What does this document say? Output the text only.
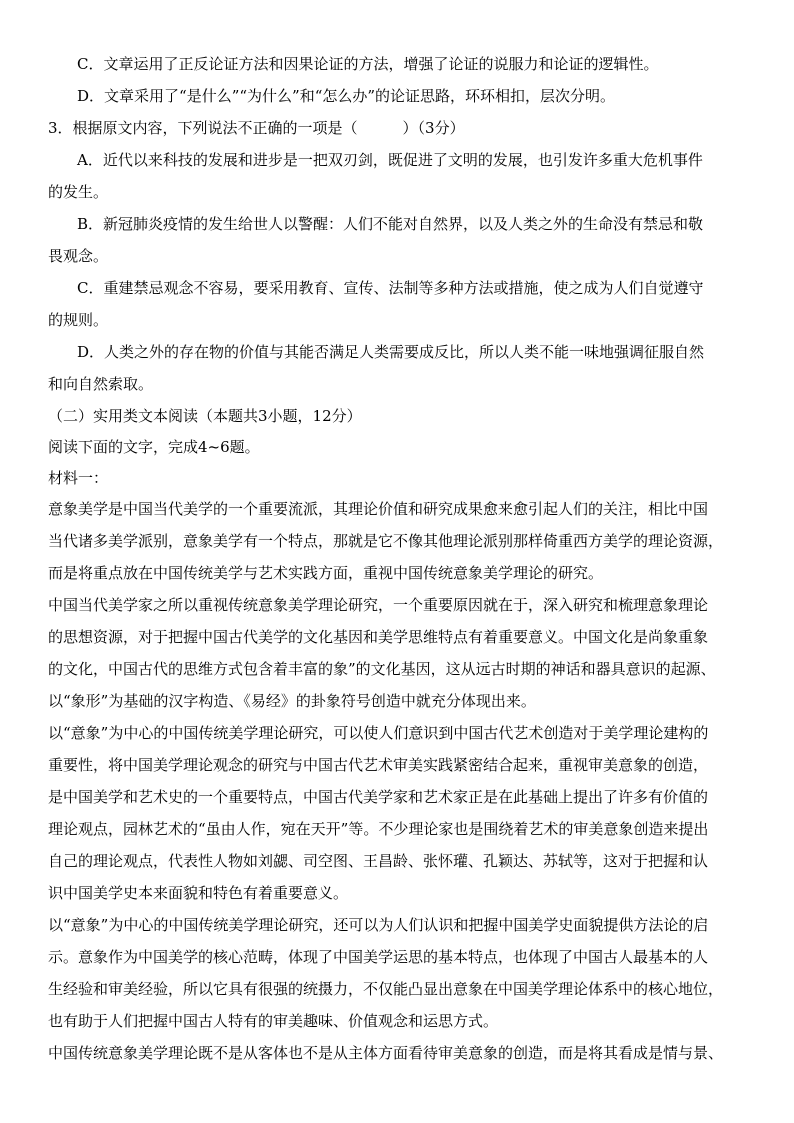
C．文章运用了正反论证方法和因果论证的方法，增强了论证的说服力和论证的逻辑性。
D．文章采用了“是什么”“为什么”和“怎么办”的论证思路，环环相扣，层次分明。
3．根据原文内容，下列说法不正确的一项是（　　　）（3分）
A．近代以来科技的发展和进步是一把双刃剑，既促进了文明的发展，也引发许多重大危机事件
的发生。
B．新冠肺炎疫情的发生给世人以警醒：人们不能对自然界，以及人类之外的生命没有禁忌和敬
畏观念。
C．重建禁忌观念不容易，要采用教育、宣传、法制等多种方法或措施，使之成为人们自觉遵守
的规则。
D．人类之外的存在物的价值与其能否满足人类需要成反比，所以人类不能一味地强调征服自然
和向自然索取。
（二）实用类文本阅读（本题共3小题，12分）
阅读下面的文字，完成4~6题。
材料一：
意象美学是中国当代美学的一个重要流派，其理论价值和研究成果愈来愈引起人们的关注，相比中国
当代诸多美学派别，意象美学有一个特点，那就是它不像其他理论派别那样倚重西方美学的理论资源，
而是将重点放在中国传统美学与艺术实践方面，重视中国传统意象美学理论的研究。
中国当代美学家之所以重视传统意象美学理论研究，一个重要原因就在于，深入研究和梳理意象理论
的思想资源，对于把握中国古代美学的文化基因和美学思维特点有着重要意义。中国文化是尚象重象
的文化，中国古代的思维方式包含着丰富的象”的文化基因，这从远古时期的神话和器具意识的起源、
以“象形”为基础的汉字构造、《易经》的卦象符号创造中就充分体现出来。
以“意象”为中心的中国传统美学理论研究，可以使人们意识到中国古代艺术创造对于美学理论建构的
重要性，将中国美学理论观念的研究与中国古代艺术审美实践紧密结合起来，重视审美意象的创造，
是中国美学和艺术史的一个重要特点，中国古代美学家和艺术家正是在此基础上提出了许多有价值的
理论观点，园林艺术的“虽由人作，宛在天开”等。不少理论家也是围绕着艺术的审美意象创造来提出
自己的理论观点，代表性人物如刘勰、司空图、王昌龄、张怀瓘、孔颖达、苏轼等，这对于把握和认
识中国美学史本来面貌和特色有着重要意义。
以“意象”为中心的中国传统美学理论研究，还可以为人们认识和把握中国美学史面貌提供方法论的启
示。意象作为中国美学的核心范畴，体现了中国美学运思的基本特点，也体现了中国古人最基本的人
生经验和审美经验，所以它具有很强的统摄力，不仅能凸显出意象在中国美学理论体系中的核心地位，
也有助于人们把握中国古人特有的审美趣味、价值观念和运思方式。
中国传统意象美学理论既不是从客体也不是从主体方面看待审美意象的创造，而是将其看成是情与景、
